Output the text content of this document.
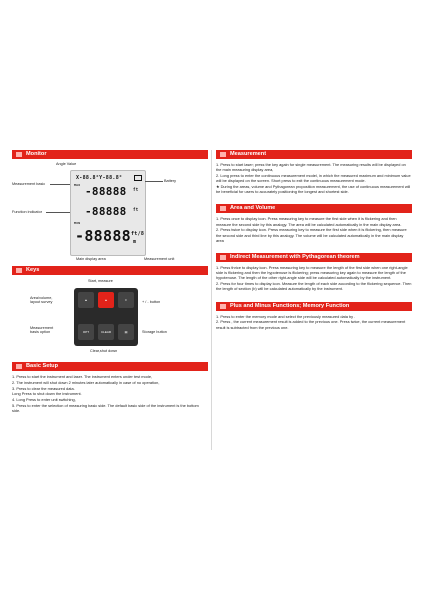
Monitor
X-88.8°Y-88.8°
MAX -88888 ft
-88888 ft
MIN
-88888 ft/8
m
Angle Value
Measurement basic
Battery
Function indicator
Main display area	Measurement unit
Keys
Start, measure
▲	▲	±
OPT	CLEAR	▤
Area/volume,
layout survey	+ / - button
Measurement
basis option	Storage button
Clear,shut down
Basic Setup

1. Press to start the instrument and laser. The instrument enters under test mode,

2. The instrument will shut down 2 minutes later automatically in case of no operation,

3. Press to clear the measured data.

Long Press to shut down the instrument.

4. Long Press to enter unit switching,

5. Press to enter the selection of measuring basic side. The default basic side of the instrument is the bottom side.

Measurement

1. Press to start laser; press the key again for single measurement. The measuring results will be displayed on the main measuring display area,

2. Long press to enter the continuous measurement model, in which the measured maximum and minimum value will be displayed on the screen. Short press to exit the continuous measurement mode.

★ During the areas, volume and Pythagorean proposition measurement, the use of continuous measurement will be beneficial for users to accurately positioning the longest and shortest side.

Area and Volume

1. Press once to display icon. Press measuring key to measure the first side when it is flickering and then measure the second side by this analogy. The area will be calculated automatically in the main display area.

2. Press twice to display icon. Press measuring key to measure the first side when it is flickering, then measure the second side and third line by this analogy. The volume will be calculated automatically in the main display area

Indirect Measurement with Pythagorean theorem

1. Press thrice to display icon. Press measuring key to measure the length of the first side when one right-angle side is flickering and then the hypotenuse is flickering; press measuring key again to measure the length of the hypotenuse. The length of the other right-angle side will be calculated automatically by the instrument.

2. Press for four times to display icon. Measure the length of each side according to the flickering sequence. Then the length of section (b) will be calculated automatically by the instrument.

Plus and Minus Functions; Memory Function

1. Press to enter the memory mode and select the previously measured data by .

2. Press , the current measurement result is added to the previous one. Press twice, the current measurement result is subtracted from the previous one.
